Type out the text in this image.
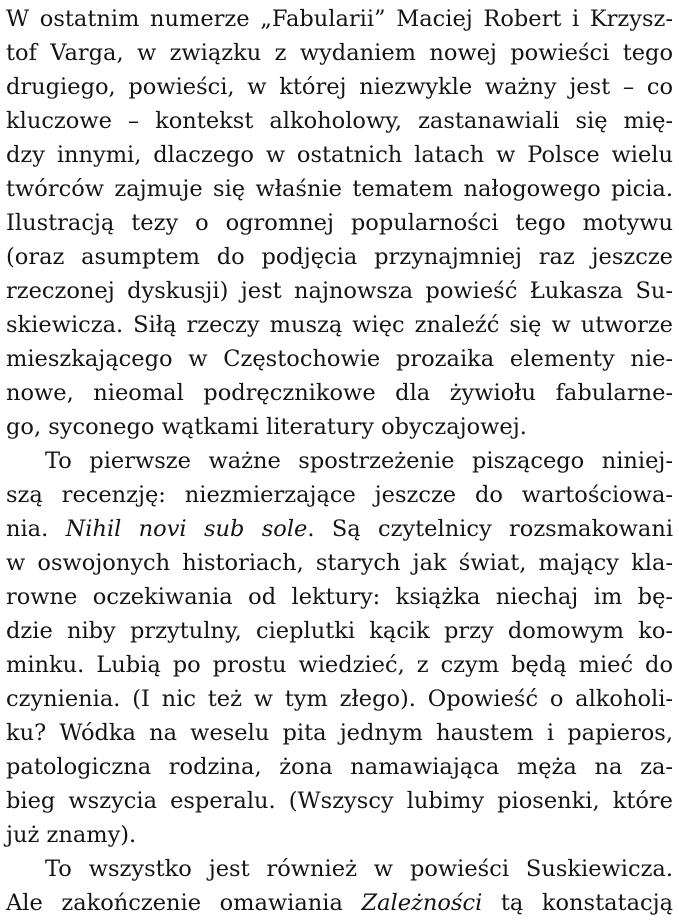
W ostatnim numerze „Fabularii” Maciej Robert i Krzysz-
tof Varga, w związku z wydaniem nowej powieści tego
drugiego, powieści, w której niezwykle ważny jest – co
kluczowe – kontekst alkoholowy, zastanawiali się mię-
dzy innymi, dlaczego w ostatnich latach w Polsce wielu
twórców zajmuje się właśnie tematem nałogowego picia.
Ilustracją tezy o ogromnej popularności tego motywu
(oraz asumptem do podjęcia przynajmniej raz jeszcze
rzeczonej dyskusji) jest najnowsza powieść Łukasza Su-
skiewicza. Siłą rzeczy muszą więc znaleźć się w utworze
mieszkającego w Częstochowie prozaika elementy nie-
nowe, nieomal podręcznikowe dla żywiołu fabularne-
go, syconego wątkami literatury obyczajowej.
To pierwsze ważne spostrzeżenie piszącego niniej-
szą recenzję: niezmierzające jeszcze do wartościowa-
nia. Nihil novi sub sole. Są czytelnicy rozsmakowani
w oswojonych historiach, starych jak świat, mający kla-
rowne oczekiwania od lektury: książka niechaj im bę-
dzie niby przytulny, cieplutki kącik przy domowym ko-
minku. Lubią po prostu wiedzieć, z czym będą mieć do
czynienia. (I nic też w tym złego). Opowieść o alkoholi-
ku? Wódka na weselu pita jednym haustem i papieros,
patologiczna rodzina, żona namawiająca męża na za-
bieg wszycia esperalu. (Wszyscy lubimy piosenki, które
już znamy).
To wszystko jest również w powieści Suskiewicza.
Ale zakończenie omawiania Zależności tą konstatacją
